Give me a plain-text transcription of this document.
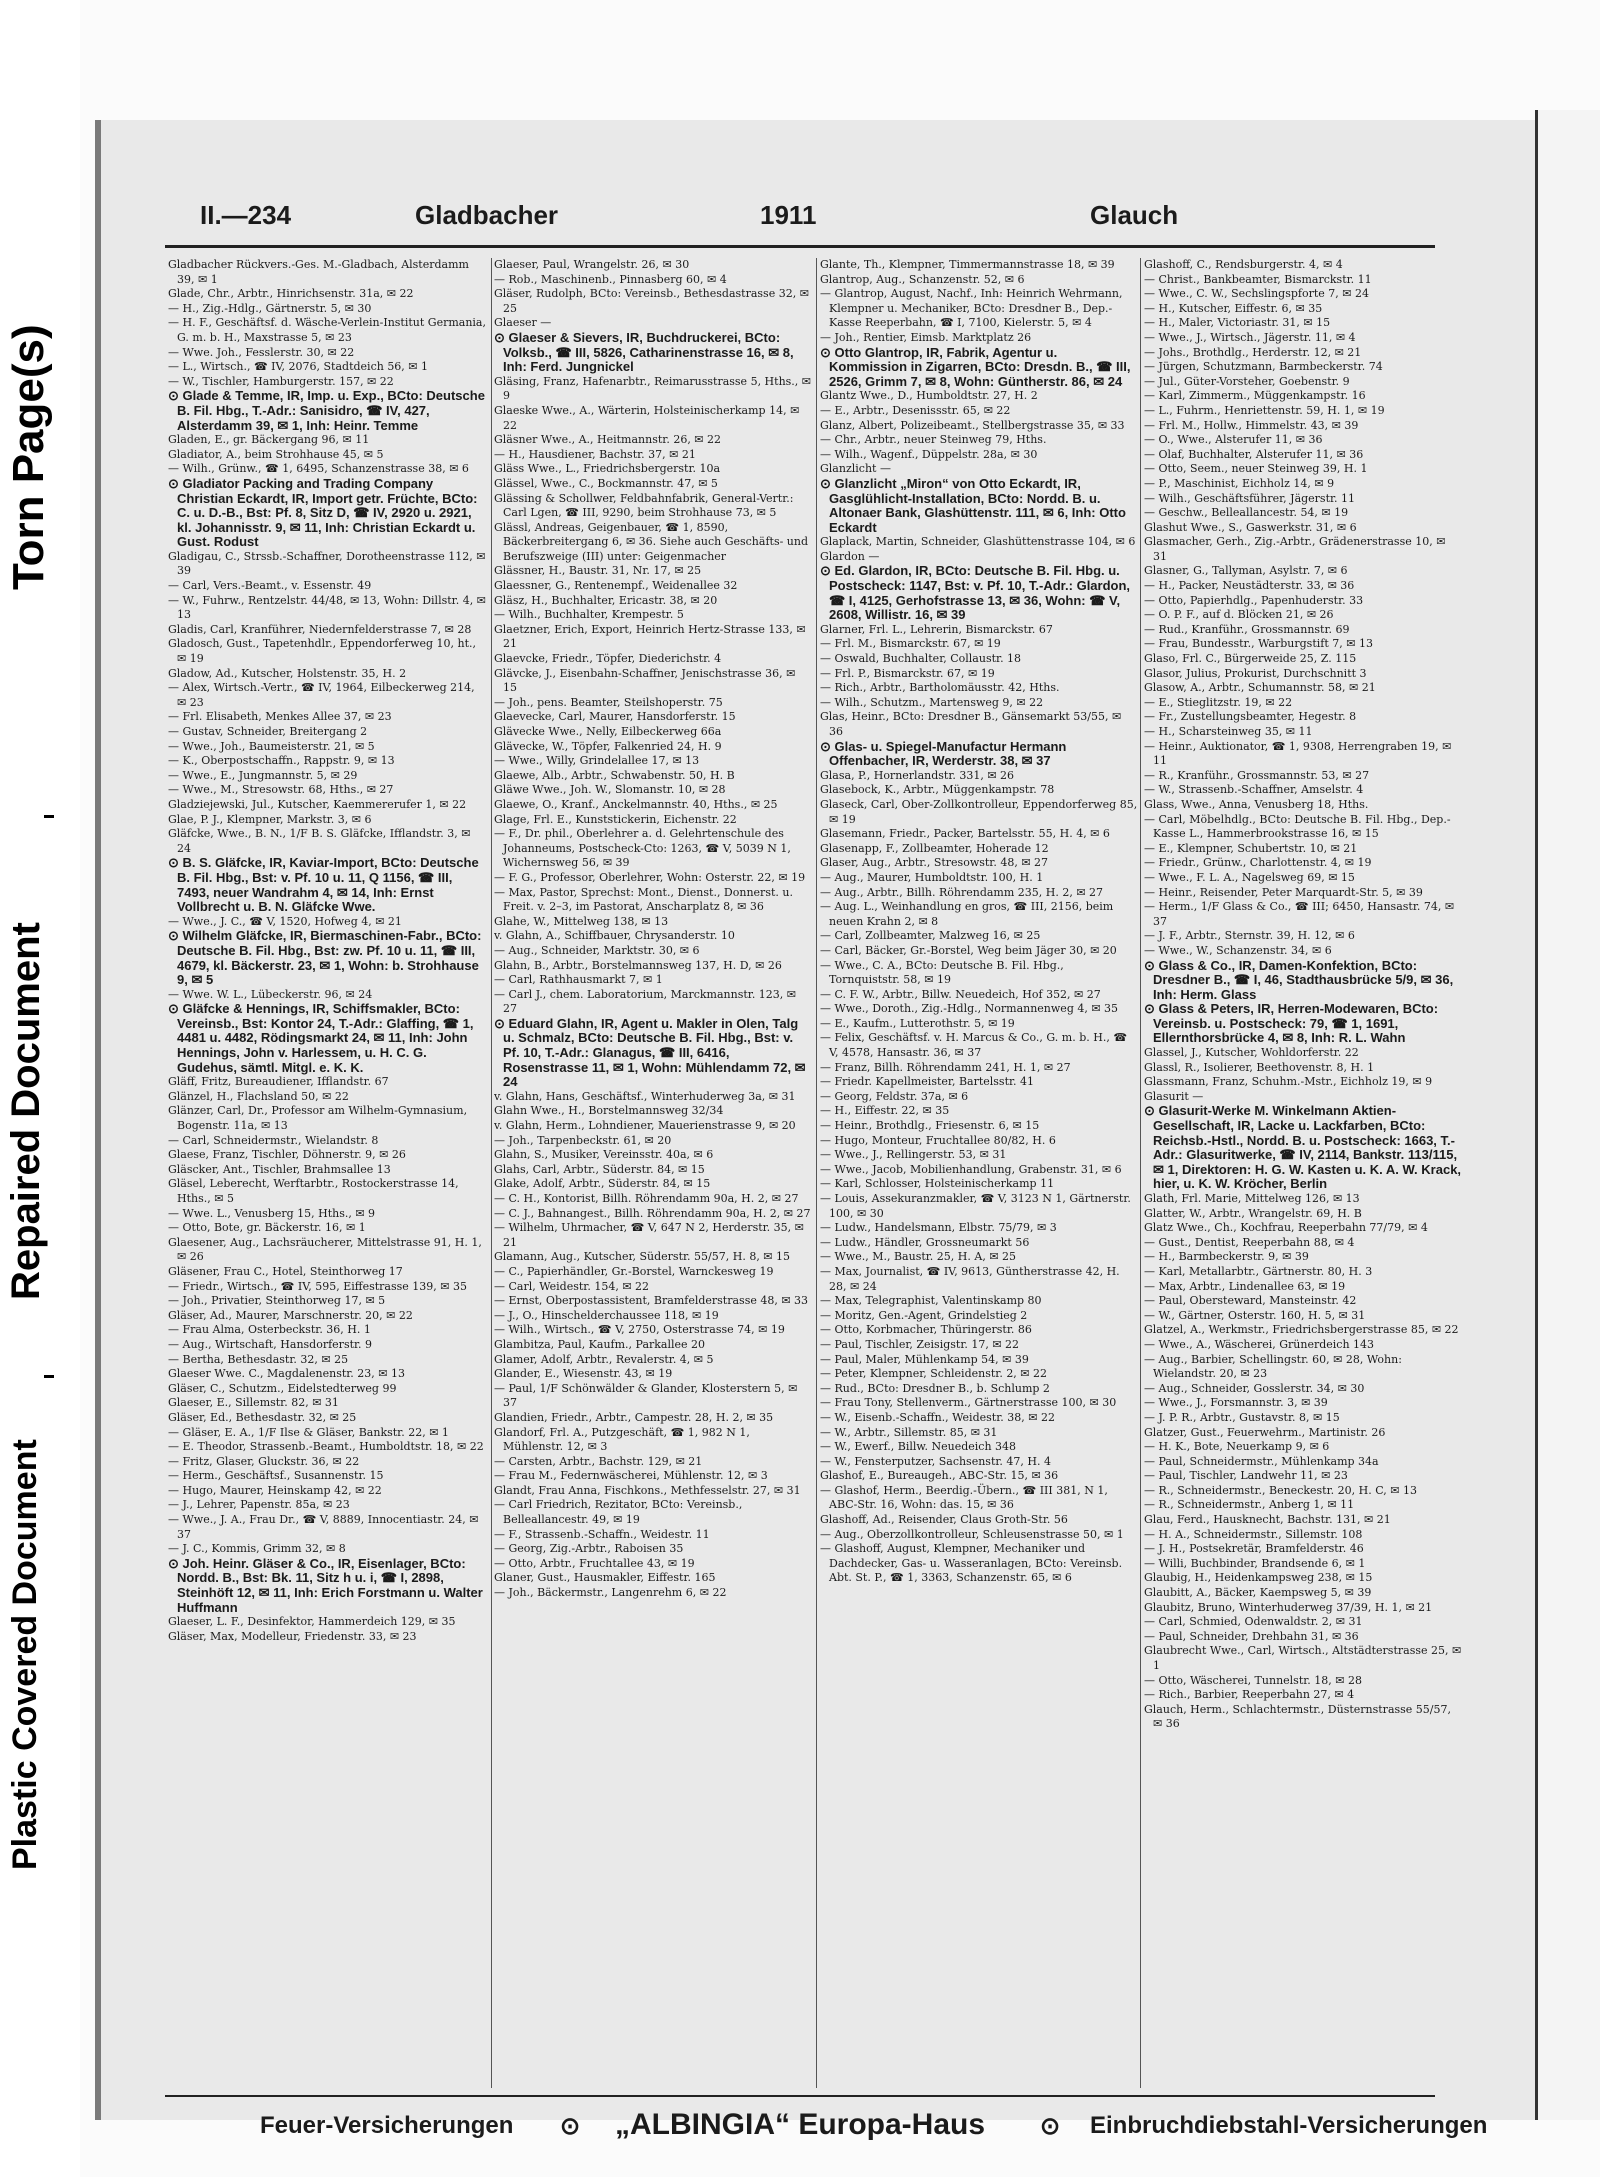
Plastic Covered Document
Repaired Document
Torn Page(s)
II.—234	Gladbacher	1911	Glauch

Gladbacher Rückvers.-Ges. M.-Gladbach, Alsterdamm 39, ✉ 1

Glade, Chr., Arbtr., Hinrichsenstr. 31a, ✉ 22

— H., Zig.-Hdlg., Gärtnerstr. 5, ✉ 30

— H. F., Geschäftsf. d. Wäsche-Verlein-Institut Germania, G. m. b. H., Maxstrasse 5, ✉ 23

— Wwe. Joh., Fesslerstr. 30, ✉ 22

— L., Wirtsch., ☎ IV, 2076, Stadtdeich 56, ✉ 1

— W., Tischler, Hamburgerstr. 157, ✉ 22

⊙ Glade & Temme, IR, Imp. u. Exp., BCto: Deutsche B. Fil. Hbg., T.-Adr.: Sanisidro, ☎ IV, 427, Alsterdamm 39, ✉ 1, Inh: Heinr. Temme

Gladen, E., gr. Bäckergang 96, ✉ 11

Gladiator, A., beim Strohhause 45, ✉ 5

— Wilh., Grünw., ☎ 1, 6495, Schanzenstrasse 38, ✉ 6

⊙ Gladiator Packing and Trading Company Christian Eckardt, IR, Import getr. Früchte, BCto: C. u. D.-B., Bst: Pf. 8, Sitz D, ☎ IV, 2920 u. 2921, kl. Johannisstr. 9, ✉ 11, Inh: Christian Eckardt u. Gust. Rodust

Gladigau, C., Strssb.-Schaffner, Dorotheenstrasse 112, ✉ 39

— Carl, Vers.-Beamt., v. Essenstr. 49

— W., Fuhrw., Rentzelstr. 44/48, ✉ 13, Wohn: Dillstr. 4, ✉ 13

Gladis, Carl, Kranführer, Niedernfelderstrasse 7, ✉ 28

Gladosch, Gust., Tapetenhdlr., Eppendorferweg 10, ht., ✉ 19

Gladow, Ad., Kutscher, Holstenstr. 35, H. 2

— Alex, Wirtsch.-Vertr., ☎ IV, 1964, Eilbeckerweg 214, ✉ 23

— Frl. Elisabeth, Menkes Allee 37, ✉ 23

— Gustav, Schneider, Breitergang 2

— Wwe., Joh., Baumeisterstr. 21, ✉ 5

— K., Oberpostschaffn., Rappstr. 9, ✉ 13

— Wwe., E., Jungmannstr. 5, ✉ 29

— Wwe., M., Stresowstr. 68, Hths., ✉ 27

Gladziejewski, Jul., Kutscher, Kaemmererufer 1, ✉ 22

Glae, P. J., Klempner, Markstr. 3, ✉ 6

Gläfcke, Wwe., B. N., 1/F B. S. Gläfcke, Ifflandstr. 3, ✉ 24

⊙ B. S. Gläfcke, IR, Kaviar-Import, BCto: Deutsche B. Fil. Hbg., Bst: v. Pf. 10 u. 11, Q 1156, ☎ III, 7493, neuer Wandrahm 4, ✉ 14, Inh: Ernst Vollbrecht u. B. N. Gläfcke Wwe.

— Wwe., J. C., ☎ V, 1520, Hofweg 4, ✉ 21

⊙ Wilhelm Gläfcke, IR, Biermaschinen-Fabr., BCto: Deutsche B. Fil. Hbg., Bst: zw. Pf. 10 u. 11, ☎ III, 4679, kl. Bäckerstr. 23, ✉ 1, Wohn: b. Strohhause 9, ✉ 5

— Wwe. W. L., Lübeckerstr. 96, ✉ 24

⊙ Gläfcke & Hennings, IR, Schiffsmakler, BCto: Vereinsb., Bst: Kontor 24, T.-Adr.: Glaffing, ☎ 1, 4481 u. 4482, Rödingsmarkt 24, ✉ 11, Inh: John Hennings, John v. Harlessem, u. H. C. G. Gudehus, sämtl. Mitgl. e. K. K.

Gläff, Fritz, Bureaudiener, Ifflandstr. 67

Glänzel, H., Flachsland 50, ✉ 22

Glänzer, Carl, Dr., Professor am Wilhelm-Gymnasium, Bogenstr. 11a, ✉ 13

— Carl, Schneidermstr., Wielandstr. 8

Glaese, Franz, Tischler, Döhnerstr. 9, ✉ 26

Gläscker, Ant., Tischler, Brahmsallee 13

Gläsel, Leberecht, Werftarbtr., Rostockerstrasse 14, Hths., ✉ 5

— Wwe. L., Venusberg 15, Hths., ✉ 9

— Otto, Bote, gr. Bäckerstr. 16, ✉ 1

Glaesener, Aug., Lachsräucherer, Mittelstrasse 91, H. 1, ✉ 26

Gläsener, Frau C., Hotel, Steinthorweg 17

— Friedr., Wirtsch., ☎ IV, 595, Eiffestrasse 139, ✉ 35

— Joh., Privatier, Steinthorweg 17, ✉ 5

Gläser, Ad., Maurer, Marschnerstr. 20, ✉ 22

— Frau Alma, Osterbeckstr. 36, H. 1

— Aug., Wirtschaft, Hansdorferstr. 9

— Bertha, Bethesdastr. 32, ✉ 25

Glaeser Wwe. C., Magdalenenstr. 23, ✉ 13

Gläser, C., Schutzm., Eidelstedterweg 99

Glaeser, E., Sillemstr. 82, ✉ 31

Gläser, Ed., Bethesdastr. 32, ✉ 25

— Gläser, E. A., 1/F Ilse & Gläser, Bankstr. 22, ✉ 1

— E. Theodor, Strassenb.-Beamt., Humboldtstr. 18, ✉ 22

— Fritz, Glaser, Gluckstr. 36, ✉ 22

— Herm., Geschäftsf., Susannenstr. 15

— Hugo, Maurer, Heinskamp 42, ✉ 22

— J., Lehrer, Papenstr. 85a, ✉ 23

— Wwe., J. A., Frau Dr., ☎ V, 8889, Innocentiastr. 24, ✉ 37

— J. C., Kommis, Grimm 32, ✉ 8

⊙ Joh. Heinr. Gläser & Co., IR, Eisenlager, BCto: Nordd. B., Bst: Bk. 11, Sitz h u. i, ☎ I, 2898, Steinhöft 12, ✉ 11, Inh: Erich Forstmann u. Walter Huffmann

Glaeser, L. F., Desinfektor, Hammerdeich 129, ✉ 35

Gläser, Max, Modelleur, Friedenstr. 33, ✉ 23

Glaeser, Paul, Wrangelstr. 26, ✉ 30

— Rob., Maschinenb., Pinnasberg 60, ✉ 4

Gläser, Rudolph, BCto: Vereinsb., Bethesdastrasse 32, ✉ 25

Glaeser —

⊙ Glaeser & Sievers, IR, Buchdruckerei, BCto: Volksb., ☎ III, 5826, Catharinenstrasse 16, ✉ 8, Inh: Ferd. Jungnickel

Gläsing, Franz, Hafenarbtr., Reimarusstrasse 5, Hths., ✉ 9

Glaeske Wwe., A., Wärterin, Holsteinischerkamp 14, ✉ 22

Gläsner Wwe., A., Heitmannstr. 26, ✉ 22

— H., Hausdiener, Bachstr. 37, ✉ 21

Gläss Wwe., L., Friedrichsbergerstr. 10a

Glässel, Wwe., C., Bockmannstr. 47, ✉ 5

Glässing & Schollwer, Feldbahnfabrik, General-Vertr.: Carl Lgen, ☎ III, 9290, beim Strohhause 73, ✉ 5

Glässl, Andreas, Geigenbauer, ☎ 1, 8590, Bäckerbreitergang 6, ✉ 36. Siehe auch Geschäfts- und Berufszweige (III) unter: Geigenmacher

Glässner, H., Baustr. 31, Nr. 17, ✉ 25

Glaessner, G., Rentenempf., Weidenallee 32

Gläsz, H., Buchhalter, Ericastr. 38, ✉ 20

— Wilh., Buchhalter, Krempestr. 5

Glaetzner, Erich, Export, Heinrich Hertz-Strasse 133, ✉ 21

Glaevcke, Friedr., Töpfer, Diederichstr. 4

Glävcke, J., Eisenbahn-Schaffner, Jenischstrasse 36, ✉ 15

— Joh., pens. Beamter, Steilshoperstr. 75

Glaevecke, Carl, Maurer, Hansdorferstr. 15

Glävecke Wwe., Nelly, Eilbeckerweg 66a

Glävecke, W., Töpfer, Falkenried 24, H. 9

— Wwe., Willy, Grindelallee 17, ✉ 13

Glaewe, Alb., Arbtr., Schwabenstr. 50, H. B

Gläwe Wwe., Joh. W., Slomanstr. 10, ✉ 28

Glaewe, O., Kranf., Anckelmannstr. 40, Hths., ✉ 25

Glage, Frl. E., Kunststickerin, Eichenstr. 22

— F., Dr. phil., Oberlehrer a. d. Gelehrtenschule des Johanneums, Postscheck-Cto: 1263, ☎ V, 5039 N 1, Wichernsweg 56, ✉ 39

— F. G., Professor, Oberlehrer, Wohn: Osterstr. 22, ✉ 19

— Max, Pastor, Sprechst: Mont., Dienst., Donnerst. u. Freit. v. 2–3, im Pastorat, Anscharplatz 8, ✉ 36

Glahe, W., Mittelweg 138, ✉ 13

v. Glahn, A., Schiffbauer, Chrysanderstr. 10

— Aug., Schneider, Marktstr. 30, ✉ 6

Glahn, B., Arbtr., Borstelmannsweg 137, H. D, ✉ 26

— Carl, Rathhausmarkt 7, ✉ 1

— Carl J., chem. Laboratorium, Marckmannstr. 123, ✉ 27

⊙ Eduard Glahn, IR, Agent u. Makler in Olen, Talg u. Schmalz, BCto: Deutsche B. Fil. Hbg., Bst: v. Pf. 10, T.-Adr.: Glanagus, ☎ III, 6416, Rosenstrasse 11, ✉ 1, Wohn: Mühlendamm 72, ✉ 24

v. Glahn, Hans, Geschäftsf., Winterhuderweg 3a, ✉ 31

Glahn Wwe., H., Borstelmannsweg 32/34

v. Glahn, Herm., Lohndiener, Mauerienstrasse 9, ✉ 20

— Joh., Tarpenbeckstr. 61, ✉ 20

Glahn, S., Musiker, Vereinsstr. 40a, ✉ 6

Glahs, Carl, Arbtr., Süderstr. 84, ✉ 15

Glake, Adolf, Arbtr., Süderstr. 84, ✉ 15

— C. H., Kontorist, Billh. Röhrendamm 90a, H. 2, ✉ 27

— C. J., Bahnangest., Billh. Röhrendamm 90a, H. 2, ✉ 27

— Wilhelm, Uhrmacher, ☎ V, 647 N 2, Herderstr. 35, ✉ 21

Glamann, Aug., Kutscher, Süderstr. 55/57, H. 8, ✉ 15

— C., Papierhändler, Gr.-Borstel, Warnckesweg 19

— Carl, Weidestr. 154, ✉ 22

— Ernst, Oberpostassistent, Bramfelderstrasse 48, ✉ 33

— J., O., Hinschelderchaussee 118, ✉ 19

— Wilh., Wirtsch., ☎ V, 2750, Osterstrasse 74, ✉ 19

Glambitza, Paul, Kaufm., Parkallee 20

Glamer, Adolf, Arbtr., Revalerstr. 4, ✉ 5

Glander, E., Wiesenstr. 43, ✉ 19

— Paul, 1/F Schönwälder & Glander, Klosterstern 5, ✉ 37

Glandien, Friedr., Arbtr., Campestr. 28, H. 2, ✉ 35

Glandorf, Frl. A., Putzgeschäft, ☎ 1, 982 N 1, Mühlenstr. 12, ✉ 3

— Carsten, Arbtr., Bachstr. 129, ✉ 21

— Frau M., Federnwäscherei, Mühlenstr. 12, ✉ 3

Glandt, Frau Anna, Fischkons., Methfesselstr. 27, ✉ 31

— Carl Friedrich, Rezitator, BCto: Vereinsb., Belleallancestr. 49, ✉ 19

— F., Strassenb.-Schaffn., Weidestr. 11

— Georg, Zig.-Arbtr., Raboisen 35

— Otto, Arbtr., Fruchtallee 43, ✉ 19

Glaner, Gust., Hausmakler, Eiffestr. 165

— Joh., Bäckermstr., Langenrehm 6, ✉ 22

Glante, Th., Klempner, Timmermannstrasse 18, ✉ 39

Glantrop, Aug., Schanzenstr. 52, ✉ 6

— Glantrop, August, Nachf., Inh: Heinrich Wehrmann, Klempner u. Mechaniker, BCto: Dresdner B., Dep.-Kasse Reeperbahn, ☎ I, 7100, Kielerstr. 5, ✉ 4

— Joh., Rentier, Eimsb. Marktplatz 26

⊙ Otto Glantrop, IR, Fabrik, Agentur u. Kommission in Zigarren, BCto: Dresdn. B., ☎ III, 2526, Grimm 7, ✉ 8, Wohn: Güntherstr. 86, ✉ 24

Glantz Wwe., D., Humboldtstr. 27, H. 2

— E., Arbtr., Desenissstr. 65, ✉ 22

Glanz, Albert, Polizeibeamt., Stellbergstrasse 35, ✉ 33

— Chr., Arbtr., neuer Steinweg 79, Hths.

— Wilh., Wagenf., Düppelstr. 28a, ✉ 30

Glanzlicht —

⊙ Glanzlicht „Miron“ von Otto Eckardt, IR, Gasglühlicht-Installation, BCto: Nordd. B. u. Altonaer Bank, Glashüttenstr. 111, ✉ 6, Inh: Otto Eckardt

Glaplack, Martin, Schneider, Glashüttenstrasse 104, ✉ 6

Glardon —

⊙ Ed. Glardon, IR, BCto: Deutsche B. Fil. Hbg. u. Postscheck: 1147, Bst: v. Pf. 10, T.-Adr.: Glardon, ☎ I, 4125, Gerhofstrasse 13, ✉ 36, Wohn: ☎ V, 2608, Willistr. 16, ✉ 39

Glarner, Frl. L., Lehrerin, Bismarckstr. 67

— Frl. M., Bismarckstr. 67, ✉ 19

— Oswald, Buchhalter, Collaustr. 18

— Frl. P., Bismarckstr. 67, ✉ 19

— Rich., Arbtr., Bartholomäusstr. 42, Hths.

— Wilh., Schutzm., Martensweg 9, ✉ 22

Glas, Heinr., BCto: Dresdner B., Gänsemarkt 53/55, ✉ 36

⊙ Glas- u. Spiegel-Manufactur Hermann Offenbacher, IR, Werderstr. 38, ✉ 37

Glasa, P., Hornerlandstr. 331, ✉ 26

Glasebock, K., Arbtr., Müggenkampstr. 78

Glaseck, Carl, Ober-Zollkontrolleur, Eppendorferweg 85, ✉ 19

Glasemann, Friedr., Packer, Bartelsstr. 55, H. 4, ✉ 6

Glasenapp, F., Zollbeamter, Hoherade 12

Glaser, Aug., Arbtr., Stresowstr. 48, ✉ 27

— Aug., Maurer, Humboldtstr. 100, H. 1

— Aug., Arbtr., Billh. Röhrendamm 235, H. 2, ✉ 27

— Aug. L., Weinhandlung en gros, ☎ III, 2156, beim neuen Krahn 2, ✉ 8

— Carl, Zollbeamter, Malzweg 16, ✉ 25

— Carl, Bäcker, Gr.-Borstel, Weg beim Jäger 30, ✉ 20

— Wwe., C. A., BCto: Deutsche B. Fil. Hbg., Tornquiststr. 58, ✉ 19

— C. F. W., Arbtr., Billw. Neuedeich, Hof 352, ✉ 27

— Wwe., Doroth., Zig.-Hdlg., Normannenweg 4, ✉ 35

— E., Kaufm., Lutterothstr. 5, ✉ 19

— Felix, Geschäftsf. v. H. Marcus & Co., G. m. b. H., ☎ V, 4578, Hansastr. 36, ✉ 37

— Franz, Billh. Röhrendamm 241, H. 1, ✉ 27

— Friedr. Kapellmeister, Bartelsstr. 41

— Georg, Feldstr. 37a, ✉ 6

— H., Eiffestr. 22, ✉ 35

— Heinr., Brothdlg., Friesenstr. 6, ✉ 15

— Hugo, Monteur, Fruchtallee 80/82, H. 6

— Wwe., J., Rellingerstr. 53, ✉ 31

— Wwe., Jacob, Mobilienhandlung, Grabenstr. 31, ✉ 6

— Karl, Schlosser, Holsteinischerkamp 11

— Louis, Assekuranzmakler, ☎ V, 3123 N 1, Gärtnerstr. 100, ✉ 30

— Ludw., Handelsmann, Elbstr. 75/79, ✉ 3

— Ludw., Händler, Grossneumarkt 56

— Wwe., M., Baustr. 25, H. A, ✉ 25

— Max, Journalist, ☎ IV, 9613, Güntherstrasse 42, H. 28, ✉ 24

— Max, Telegraphist, Valentinskamp 80

— Moritz, Gen.-Agent, Grindelstieg 2

— Otto, Korbmacher, Thüringerstr. 86

— Paul, Tischler, Zeisigstr. 17, ✉ 22

— Paul, Maler, Mühlenkamp 54, ✉ 39

— Peter, Klempner, Schleidenstr. 2, ✉ 22

— Rud., BCto: Dresdner B., b. Schlump 2

— Frau Tony, Stellenverm., Gärtnerstrasse 100, ✉ 30

— W., Eisenb.-Schaffn., Weidestr. 38, ✉ 22

— W., Arbtr., Sillemstr. 85, ✉ 31

— W., Ewerf., Billw. Neuedeich 348

— W., Fensterputzer, Sachsenstr. 47, H. 4

Glashof, E., Bureaugeh., ABC-Str. 15, ✉ 36

— Glashof, Herm., Beerdig.-Übern., ☎ III 381, N 1, ABC-Str. 16, Wohn: das. 15, ✉ 36

Glashoff, Ad., Reisender, Claus Groth-Str. 56

— Aug., Oberzollkontrolleur, Schleusenstrasse 50, ✉ 1

— Glashoff, August, Klempner, Mechaniker und Dachdecker, Gas- u. Wasseranlagen, BCto: Vereinsb. Abt. St. P., ☎ 1, 3363, Schanzenstr. 65, ✉ 6

Glashoff, C., Rendsburgerstr. 4, ✉ 4

— Christ., Bankbeamter, Bismarckstr. 11

— Wwe., C. W., Sechslingspforte 7, ✉ 24

— H., Kutscher, Eiffestr. 6, ✉ 35

— H., Maler, Victoriastr. 31, ✉ 15

— Wwe., J., Wirtsch., Jägerstr. 11, ✉ 4

— Johs., Brothdlg., Herderstr. 12, ✉ 21

— Jürgen, Schutzmann, Barmbeckerstr. 74

— Jul., Güter-Vorsteher, Goebenstr. 9

— Karl, Zimmerm., Müggenkampstr. 16

— L., Fuhrm., Henriettenstr. 59, H. 1, ✉ 19

— Frl. M., Hollw., Himmelstr. 43, ✉ 39

— O., Wwe., Alsterufer 11, ✉ 36

— Olaf, Buchhalter, Alsterufer 11, ✉ 36

— Otto, Seem., neuer Steinweg 39, H. 1

— P., Maschinist, Eichholz 14, ✉ 9

— Wilh., Geschäftsführer, Jägerstr. 11

— Geschw., Belleallancestr. 54, ✉ 19

Glashut Wwe., S., Gaswerkstr. 31, ✉ 6

Glasmacher, Gerh., Zig.-Arbtr., Grädenerstrasse 10, ✉ 31

Glasner, G., Tallyman, Asylstr. 7, ✉ 6

— H., Packer, Neustädterstr. 33, ✉ 36

— Otto, Papierhdlg., Papenhuderstr. 33

— O. P. F., auf d. Blöcken 21, ✉ 26

— Rud., Kranführ., Grossmannstr. 69

— Frau, Bundesstr., Warburgstift 7, ✉ 13

Glaso, Frl. C., Bürgerweide 25, Z. 115

Glasor, Julius, Prokurist, Durchschnitt 3

Glasow, A., Arbtr., Schumannstr. 58, ✉ 21

— E., Stieglitzstr. 19, ✉ 22

— Fr., Zustellungsbeamter, Hegestr. 8

— H., Scharsteinweg 35, ✉ 11

— Heinr., Auktionator, ☎ 1, 9308, Herrengraben 19, ✉ 11

— R., Kranführ., Grossmannstr. 53, ✉ 27

— W., Strassenb.-Schaffner, Amselstr. 4

Glass, Wwe., Anna, Venusberg 18, Hths.

— Carl, Möbelhdlg., BCto: Deutsche B. Fil. Hbg., Dep.-Kasse L., Hammerbrookstrasse 16, ✉ 15

— E., Klempner, Schubertstr. 10, ✉ 21

— Friedr., Grünw., Charlottenstr. 4, ✉ 19

— Wwe., F. L. A., Nagelsweg 69, ✉ 15

— Heinr., Reisender, Peter Marquardt-Str. 5, ✉ 39

— Herm., 1/F Glass & Co., ☎ III; 6450, Hansastr. 74, ✉ 37

— J. F., Arbtr., Sternstr. 39, H. 12, ✉ 6

— Wwe., W., Schanzenstr. 34, ✉ 6

⊙ Glass & Co., IR, Damen-Konfektion, BCto: Dresdner B., ☎ I, 46, Stadthausbrücke 5/9, ✉ 36, Inh: Herm. Glass

⊙ Glass & Peters, IR, Herren-Modewaren, BCto: Vereinsb. u. Postscheck: 79, ☎ 1, 1691, Ellernthorsbrücke 4, ✉ 8, Inh: R. L. Wahn

Glassel, J., Kutscher, Wohldorferstr. 22

Glassl, R., Isolierer, Beethovenstr. 8, H. 1

Glassmann, Franz, Schuhm.-Mstr., Eichholz 19, ✉ 9

Glasurit —

⊙ Glasurit-Werke M. Winkelmann Aktien-Gesellschaft, IR, Lacke u. Lackfarben, BCto: Reichsb.-Hstl., Nordd. B. u. Postscheck: 1663, T.-Adr.: Glasuritwerke, ☎ IV, 2114, Bankstr. 113/115, ✉ 1, Direktoren: H. G. W. Kasten u. K. A. W. Krack, hier, u. K. W. Kröcher, Berlin

Glath, Frl. Marie, Mittelweg 126, ✉ 13

Glatter, W., Arbtr., Wrangelstr. 69, H. B

Glatz Wwe., Ch., Kochfrau, Reeperbahn 77/79, ✉ 4

— Gust., Dentist, Reeperbahn 88, ✉ 4

— H., Barmbeckerstr. 9, ✉ 39

— Karl, Metallarbtr., Gärtnerstr. 80, H. 3

— Max, Arbtr., Lindenallee 63, ✉ 19

— Paul, Obersteward, Mansteinstr. 42

— W., Gärtner, Osterstr. 160, H. 5, ✉ 31

Glatzel, A., Werkmstr., Friedrichsbergerstrasse 85, ✉ 22

— Wwe., A., Wäscherei, Grünerdeich 143

— Aug., Barbier, Schellingstr. 60, ✉ 28, Wohn: Wielandstr. 20, ✉ 23

— Aug., Schneider, Gosslerstr. 34, ✉ 30

— Wwe., J., Forsmannstr. 3, ✉ 39

— J. P. R., Arbtr., Gustavstr. 8, ✉ 15

Glatzer, Gust., Feuerwehrm., Martinistr. 26

— H. K., Bote, Neuerkamp 9, ✉ 6

— Paul, Schneidermstr., Mühlenkamp 34a

— Paul, Tischler, Landwehr 11, ✉ 23

— R., Schneidermstr., Beneckestr. 20, H. C, ✉ 13

— R., Schneidermstr., Anberg 1, ✉ 11

Glau, Ferd., Hausknecht, Bachstr. 131, ✉ 21

— H. A., Schneidermstr., Sillemstr. 108

— J. H., Postsekretär, Bramfelderstr. 46

— Willi, Buchbinder, Brandsende 6, ✉ 1

Glaubig, H., Heidenkampsweg 238, ✉ 15

Glaubitt, A., Bäcker, Kaempsweg 5, ✉ 39

Glaubitz, Bruno, Winterhuderweg 37/39, H. 1, ✉ 21

— Carl, Schmied, Odenwaldstr. 2, ✉ 31

— Paul, Schneider, Drehbahn 31, ✉ 36

Glaubrecht Wwe., Carl, Wirtsch., Altstädterstrasse 25, ✉ 1

— Otto, Wäscherei, Tunnelstr. 18, ✉ 28

— Rich., Barbier, Reeperbahn 27, ✉ 4

Glauch, Herm., Schlachtermstr., Düsternstrasse 55/57, ✉ 36

Feuer-Versicherungen ⊙ „ALBINGIA“ Europa-Haus ⊙ Einbruchdiebstahl-Versicherungen
